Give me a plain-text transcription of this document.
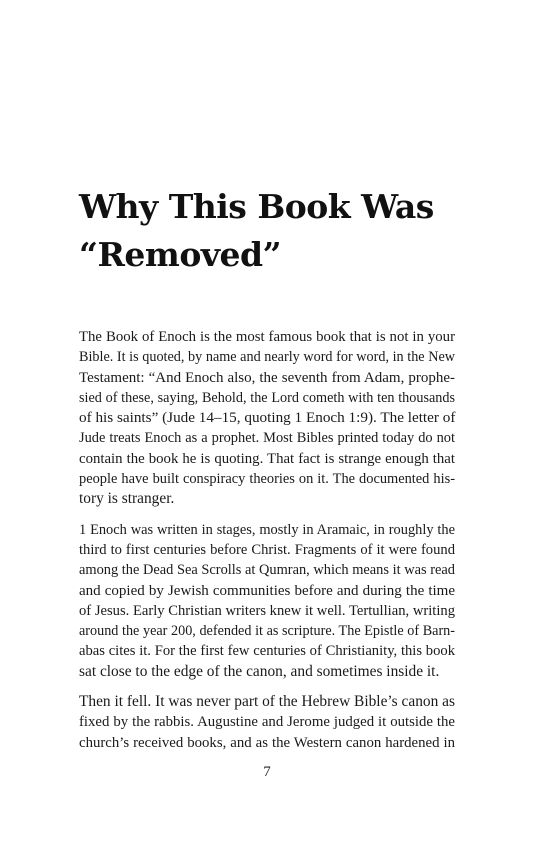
Why This Book Was
“Removed”

The Book of Enoch is the most famous book that is not in your
Bible. It is quoted, by name and nearly word for word, in the New
Testament: “And Enoch also, the seventh from Adam, prophe-
sied of these, saying, Behold, the Lord cometh with ten thousands
of his saints” (Jude 14–15, quoting 1 Enoch 1:9). The letter of
Jude treats Enoch as a prophet. Most Bibles printed today do not
contain the book he is quoting. That fact is strange enough that
people have built conspiracy theories on it. The documented his-
tory is stranger.

1 Enoch was written in stages, mostly in Aramaic, in roughly the
third to first centuries before Christ. Fragments of it were found
among the Dead Sea Scrolls at Qumran, which means it was read
and copied by Jewish communities before and during the time
of Jesus. Early Christian writers knew it well. Tertullian, writing
around the year 200, defended it as scripture. The Epistle of Barn-
abas cites it. For the first few centuries of Christianity, this book
sat close to the edge of the canon, and sometimes inside it.

Then it fell. It was never part of the Hebrew Bible’s canon as
fixed by the rabbis. Augustine and Jerome judged it outside the
church’s received books, and as the Western canon hardened in

7
